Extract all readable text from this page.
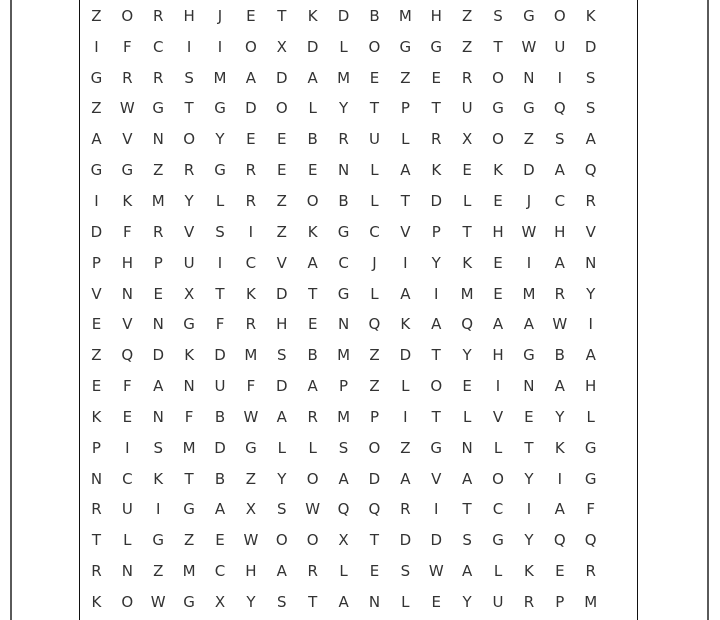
Z O R H J E T K D B M H Z S G O K
I F C I I O X D L O G G Z T W U D
G R R S M A D A M E Z E R O N I S
Z W G T G D O L Y T P T U G G Q S
A V N O Y E E B R U L R X O Z S A
G G Z R G R E E N L A K E K D A Q
I K M Y L R Z O B L T D L E J C R
D F R V S I Z K G C V P T H W H V
P H P U I C V A C J I Y K E I A N
V N E X T K D T G L A I M E M R Y
E V N G F R H E N Q K A Q A A W I
Z Q D K D M S B M Z D T Y H G B A
E F A N U F D A P Z L O E I N A H
K E N F B W A R M P I T L V E Y L
P I S M D G L L S O Z G N L T K G
N C K T B Z Y O A D A V A O Y I G
R U I G A X S W Q Q R I T C I A F
T L G Z E W O O X T D D S G Y Q Q
R N Z M C H A R L E S W A L K E R
K O W G X Y S T A N L E Y U R P M
